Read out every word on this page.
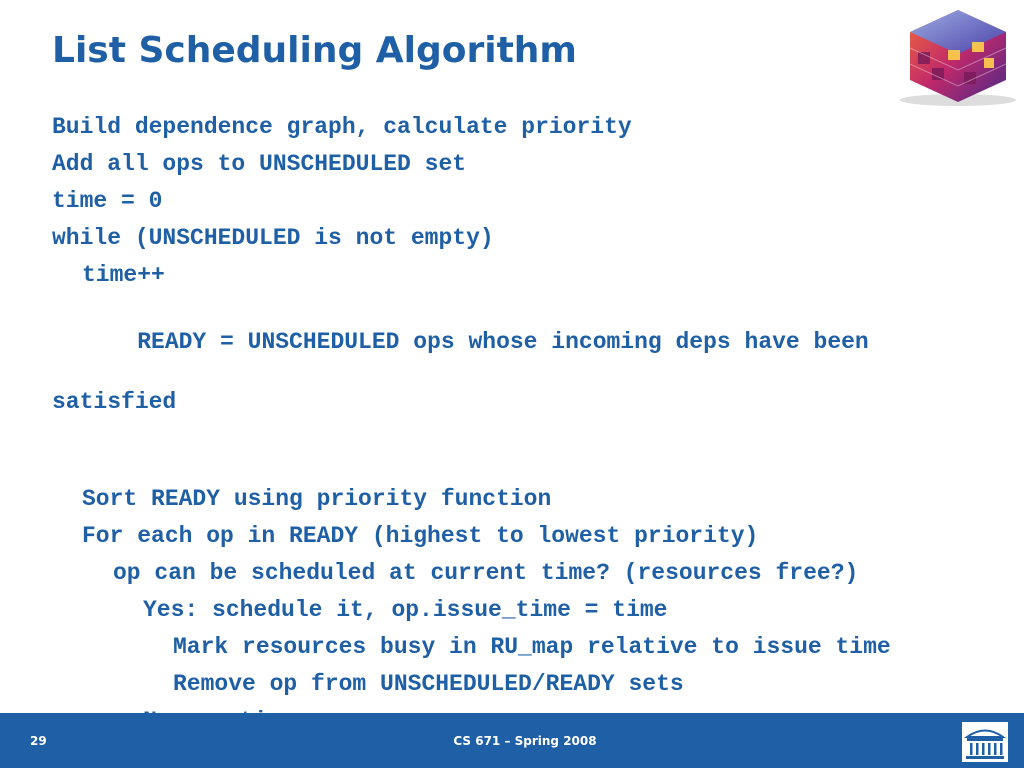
List Scheduling Algorithm
Build dependence graph, calculate priority
Add all ops to UNSCHEDULED set
time = 0
while (UNSCHEDULED is not empty)
time++

READY = UNSCHEDULED ops whose incoming deps have been

satisfied

Sort READY using priority function
For each op in READY (highest to lowest priority)
op can be scheduled at current time? (resources free?)
Yes: schedule it, op.issue_time = time
Mark resources busy in RU_map relative to issue time
Remove op from UNSCHEDULED/READY sets
29	CS 671 – Spring 2008
